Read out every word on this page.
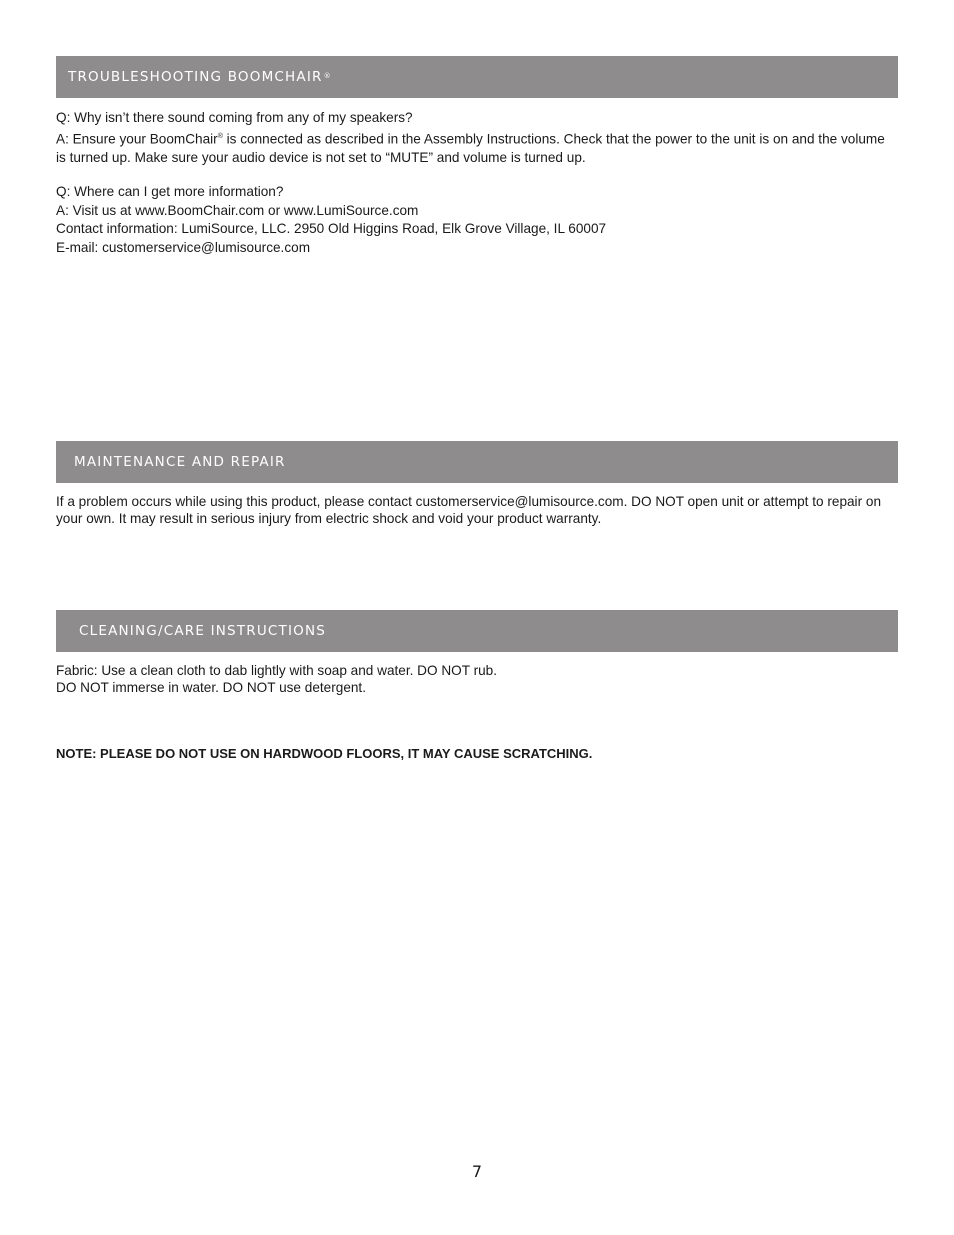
TROUBLESHOOTING BOOMCHAIR®

Q: Why isn’t there sound coming from any of my speakers?

A: Ensure your BoomChair® is connected as described in the Assembly Instructions. Check that the power to the unit is on and the volume is turned up. Make sure your audio device is not set to “MUTE” and volume is turned up.

Q: Where can I get more information?

A: Visit us at www.BoomChair.com or www.LumiSource.com

Contact information: LumiSource, LLC. 2950 Old Higgins Road, Elk Grove Village, IL 60007

E-mail: customerservice@lumisource.com

MAINTENANCE AND REPAIR

If a problem occurs while using this product, please contact customerservice@lumisource.com. DO NOT open unit or attempt to repair on your own. It may result in serious injury from electric shock and void your product warranty.

CLEANING/CARE INSTRUCTIONS

Fabric: Use a clean cloth to dab lightly with soap and water. DO NOT rub.

DO NOT immerse in water. DO NOT use detergent.

NOTE: PLEASE DO NOT USE ON HARDWOOD FLOORS, IT MAY CAUSE SCRATCHING.

7
